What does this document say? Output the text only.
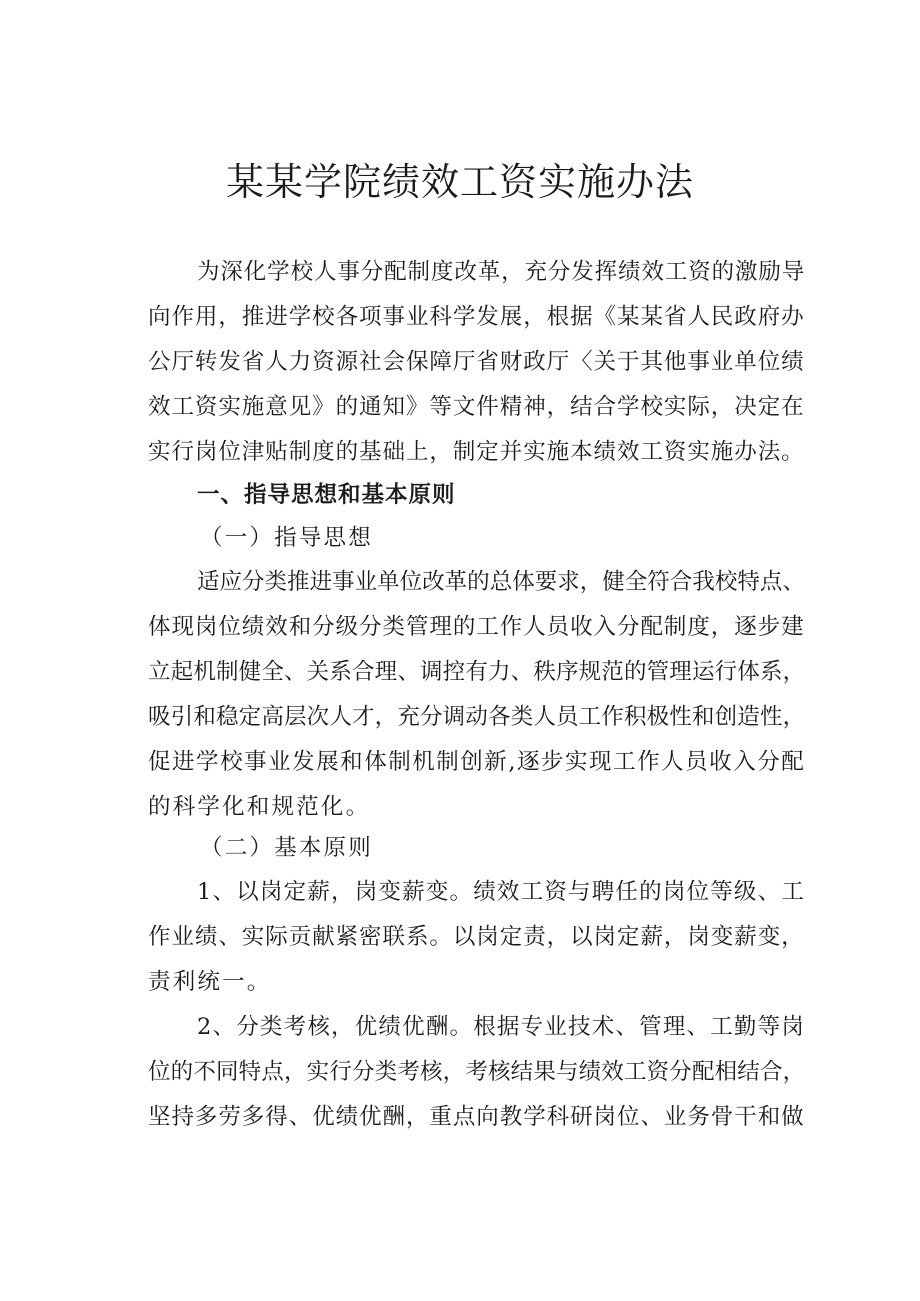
某某学院绩效工资实施办法
为深化学校人事分配制度改革，充分发挥绩效工资的激励导
向作用，推进学校各项事业科学发展，根据《某某省人民政府办
公厅转发省人力资源社会保障厅省财政厅〈关于其他事业单位绩
效工资实施意见》的通知》等文件精神，结合学校实际，决定在
实行岗位津贴制度的基础上，制定并实施本绩效工资实施办法。
一、指导思想和基本原则
（一）指导思想
适应分类推进事业单位改革的总体要求，健全符合我校特点、
体现岗位绩效和分级分类管理的工作人员收入分配制度，逐步建
立起机制健全、关系合理、调控有力、秩序规范的管理运行体系，
吸引和稳定高层次人才，充分调动各类人员工作积极性和创造性，
促进学校事业发展和体制机制创新,逐步实现工作人员收入分配
的科学化和规范化。
（二）基本原则
1、以岗定薪，岗变薪变。绩效工资与聘任的岗位等级、工
作业绩、实际贡献紧密联系。以岗定责，以岗定薪，岗变薪变，
责利统一。
2、分类考核，优绩优酬。根据专业技术、管理、工勤等岗
位的不同特点，实行分类考核，考核结果与绩效工资分配相结合，
坚持多劳多得、优绩优酬，重点向教学科研岗位、业务骨干和做
